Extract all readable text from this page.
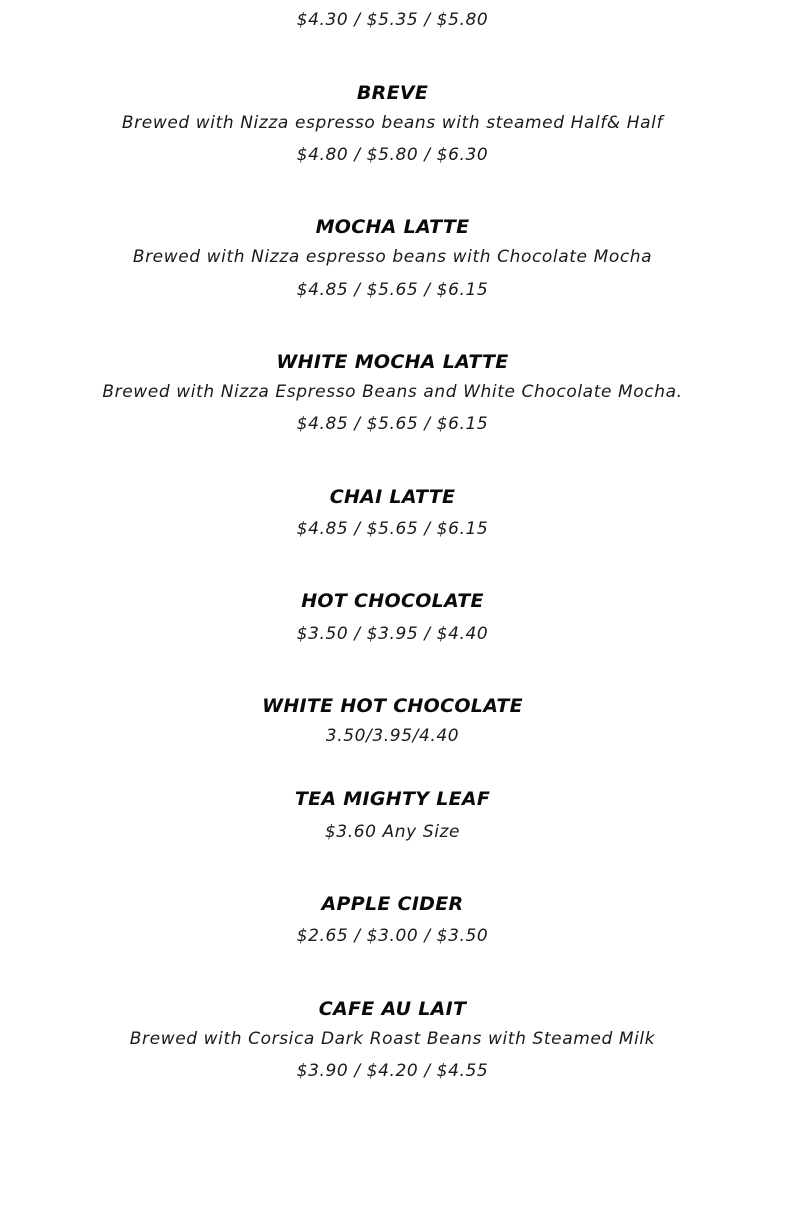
$4.30 / $5.35 / $5.80
BREVE
Brewed with Nizza espresso beans with steamed Half& Half
$4.80 / $5.80 / $6.30
MOCHA LATTE
Brewed with Nizza espresso beans with Chocolate Mocha
$4.85 / $5.65 / $6.15
WHITE MOCHA LATTE
Brewed with Nizza Espresso Beans and White Chocolate Mocha.
$4.85 / $5.65 / $6.15
CHAI LATTE
$4.85 / $5.65 / $6.15
HOT CHOCOLATE
$3.50 / $3.95 / $4.40
WHITE HOT CHOCOLATE
3.50/3.95/4.40
TEA MIGHTY LEAF
$3.60 Any Size
APPLE CIDER
$2.65 / $3.00 / $3.50
CAFE AU LAIT
Brewed with Corsica Dark Roast Beans with Steamed Milk
$3.90 / $4.20 / $4.55
